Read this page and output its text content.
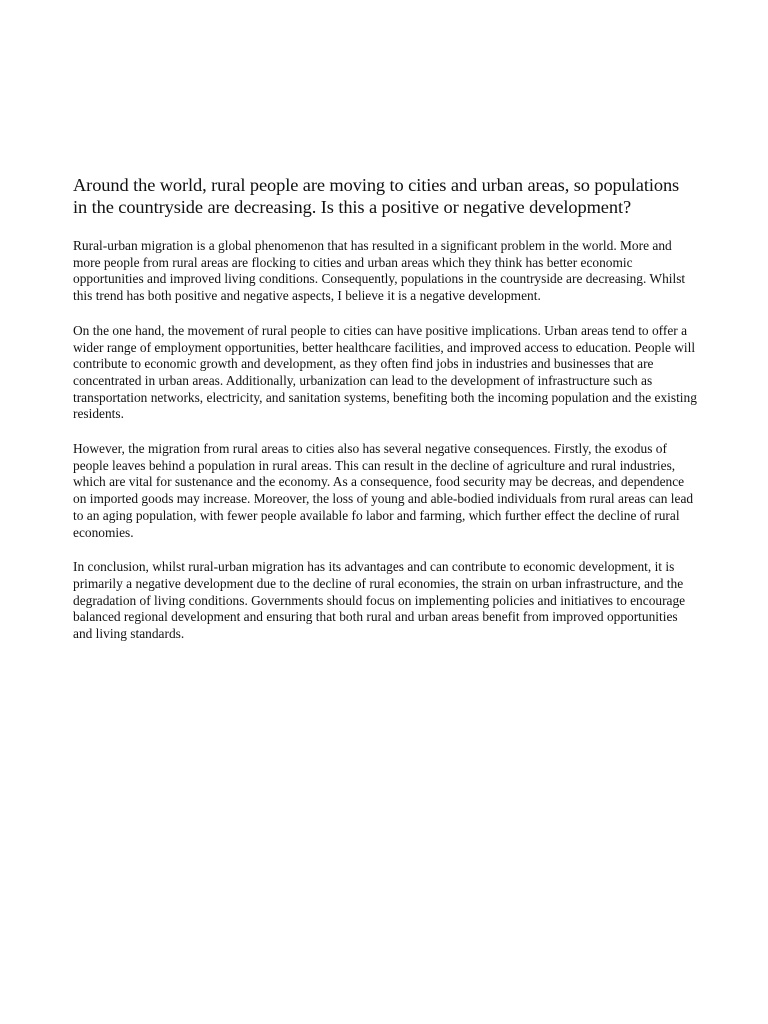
Around the world, rural people are moving to cities and urban areas, so populations in the countryside are decreasing. Is this a positive or negative development?

Rural-urban migration is a global phenomenon that has resulted in a significant problem in the world. More and more people from rural areas are flocking to cities and urban areas which they think has better economic opportunities and improved living conditions. Consequently, populations in the countryside are decreasing. Whilst this trend has both positive and negative aspects, I believe it is a negative development.

On the one hand, the movement of rural people to cities can have positive implications. Urban areas tend to offer a wider range of employment opportunities, better healthcare facilities, and improved access to education. People will contribute to economic growth and development, as they often find jobs in industries and businesses that are concentrated in urban areas. Additionally, urbanization can lead to the development of infrastructure such as transportation networks, electricity, and sanitation systems, benefiting both the incoming population and the existing residents.

However, the migration from rural areas to cities also has several negative consequences. Firstly, the exodus of people leaves behind a population in rural areas. This can result in the decline of agriculture and rural industries, which are vital for sustenance and the economy. As a consequence, food security may be decreas, and dependence on imported goods may increase. Moreover, the loss of young and able-bodied individuals from rural areas can lead to an aging population, with fewer people available fo labor and farming, which further effect the decline of rural economies.

In conclusion, whilst rural-urban migration has its advantages and can contribute to economic development, it is primarily a negative development due to the decline of rural economies, the strain on urban infrastructure, and the degradation of living conditions. Governments should focus on implementing policies and initiatives to encourage balanced regional development and ensuring that both rural and urban areas benefit from improved opportunities and living standards.
